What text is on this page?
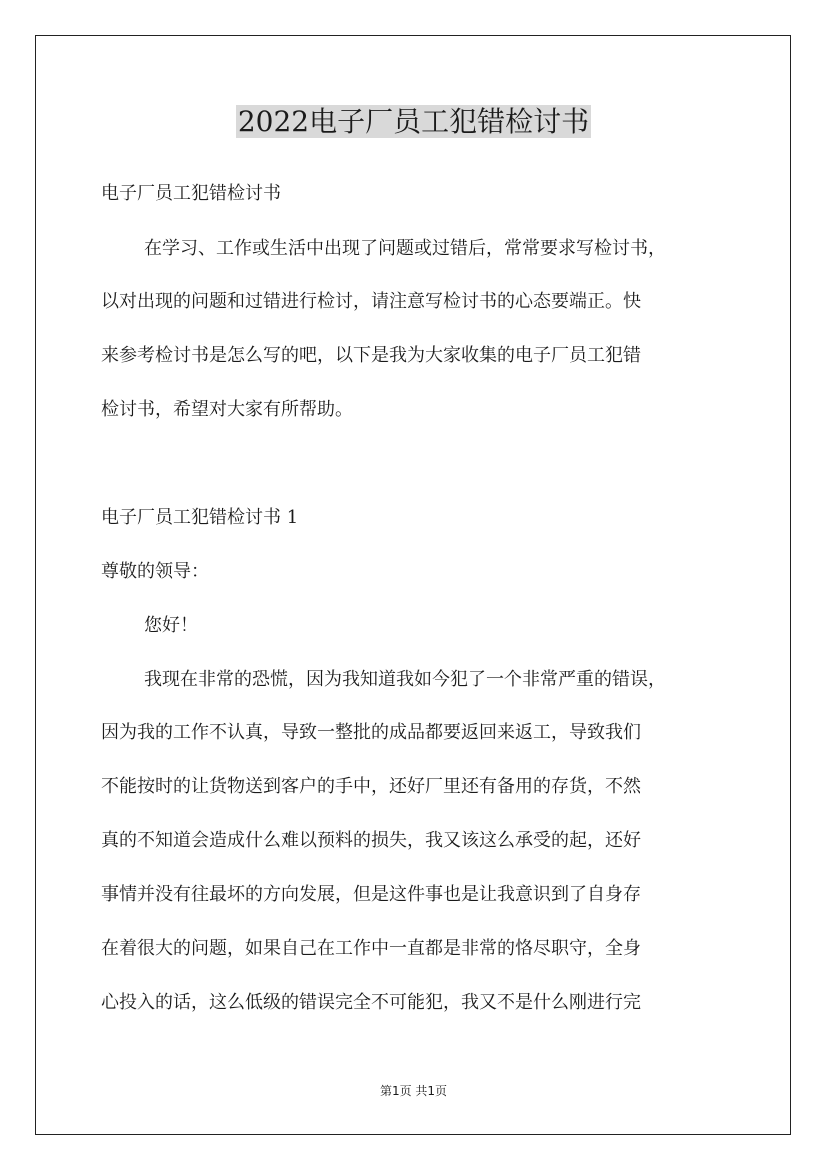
2022电子厂员工犯错检讨书
电子厂员工犯错检讨书
在学习、工作或生活中出现了问题或过错后，常常要求写检讨书，
以对出现的问题和过错进行检讨，请注意写检讨书的心态要端正。快
来参考检讨书是怎么写的吧，以下是我为大家收集的电子厂员工犯错
检讨书，希望对大家有所帮助。
电子厂员工犯错检讨书 1
尊敬的领导：
您好！
我现在非常的恐慌，因为我知道我如今犯了一个非常严重的错误，
因为我的工作不认真，导致一整批的成品都要返回来返工，导致我们
不能按时的让货物送到客户的手中，还好厂里还有备用的存货，不然
真的不知道会造成什么难以预料的损失，我又该这么承受的起，还好
事情并没有往最坏的方向发展，但是这件事也是让我意识到了自身存
在着很大的问题，如果自己在工作中一直都是非常的恪尽职守，全身
心投入的话，这么低级的错误完全不可能犯，我又不是什么刚进行完
第1页 共1页
